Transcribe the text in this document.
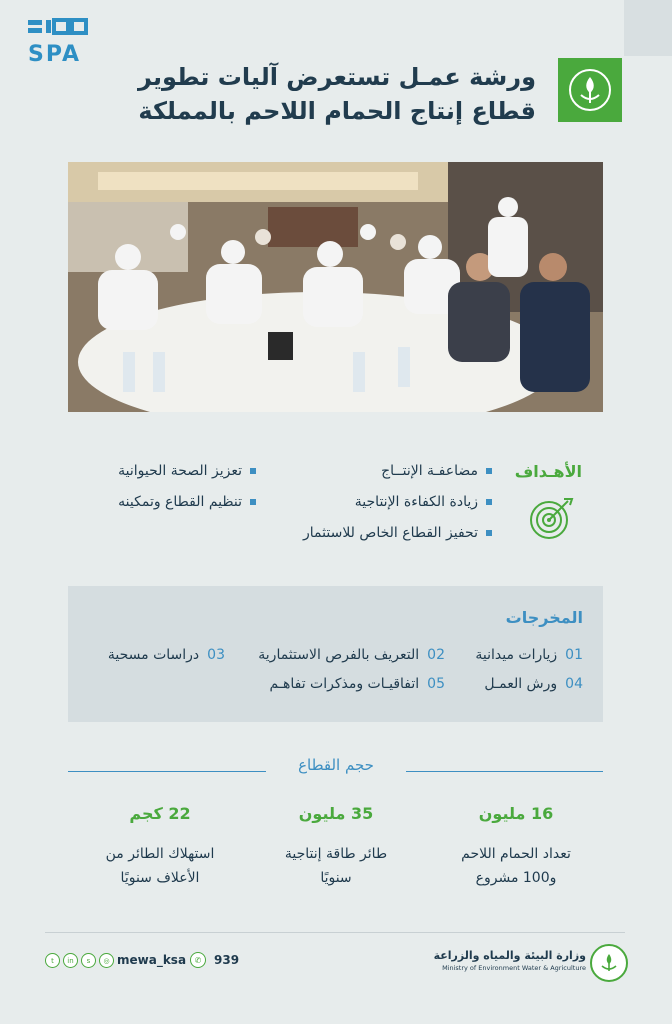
SPA
ورشة عمـل تستعرض آليات تطوير
قطاع إنتاج الحمام اللاحم بالمملكة
الأهـداف
مضاعفـة الإنتــاج
تعزيز الصحة الحيوانية
زيادة الكفاءة الإنتاجية
تنظيم القطاع وتمكينه
تحفيز القطاع الخاص للاستثمار
المخرجات
01زيارات ميدانية
02التعريف بالفرص الاستثمارية
03دراسات مسحية
04ورش العمـل
05اتفاقيـات ومذكرات تفاهـم
حجم القطاع
16 مليون
تعداد الحمام اللاحم
و100 مشروع
35 مليون
طائر طاقة إنتاجية
سنويًا
22 كجم
استهلاك الطائر من
الأعلاف سنويًا
وزارة البيئة والمياه والزراعة
Ministry of Environment Water & Agriculture
t	in	s	◎ mewa_ksa	✆	939
